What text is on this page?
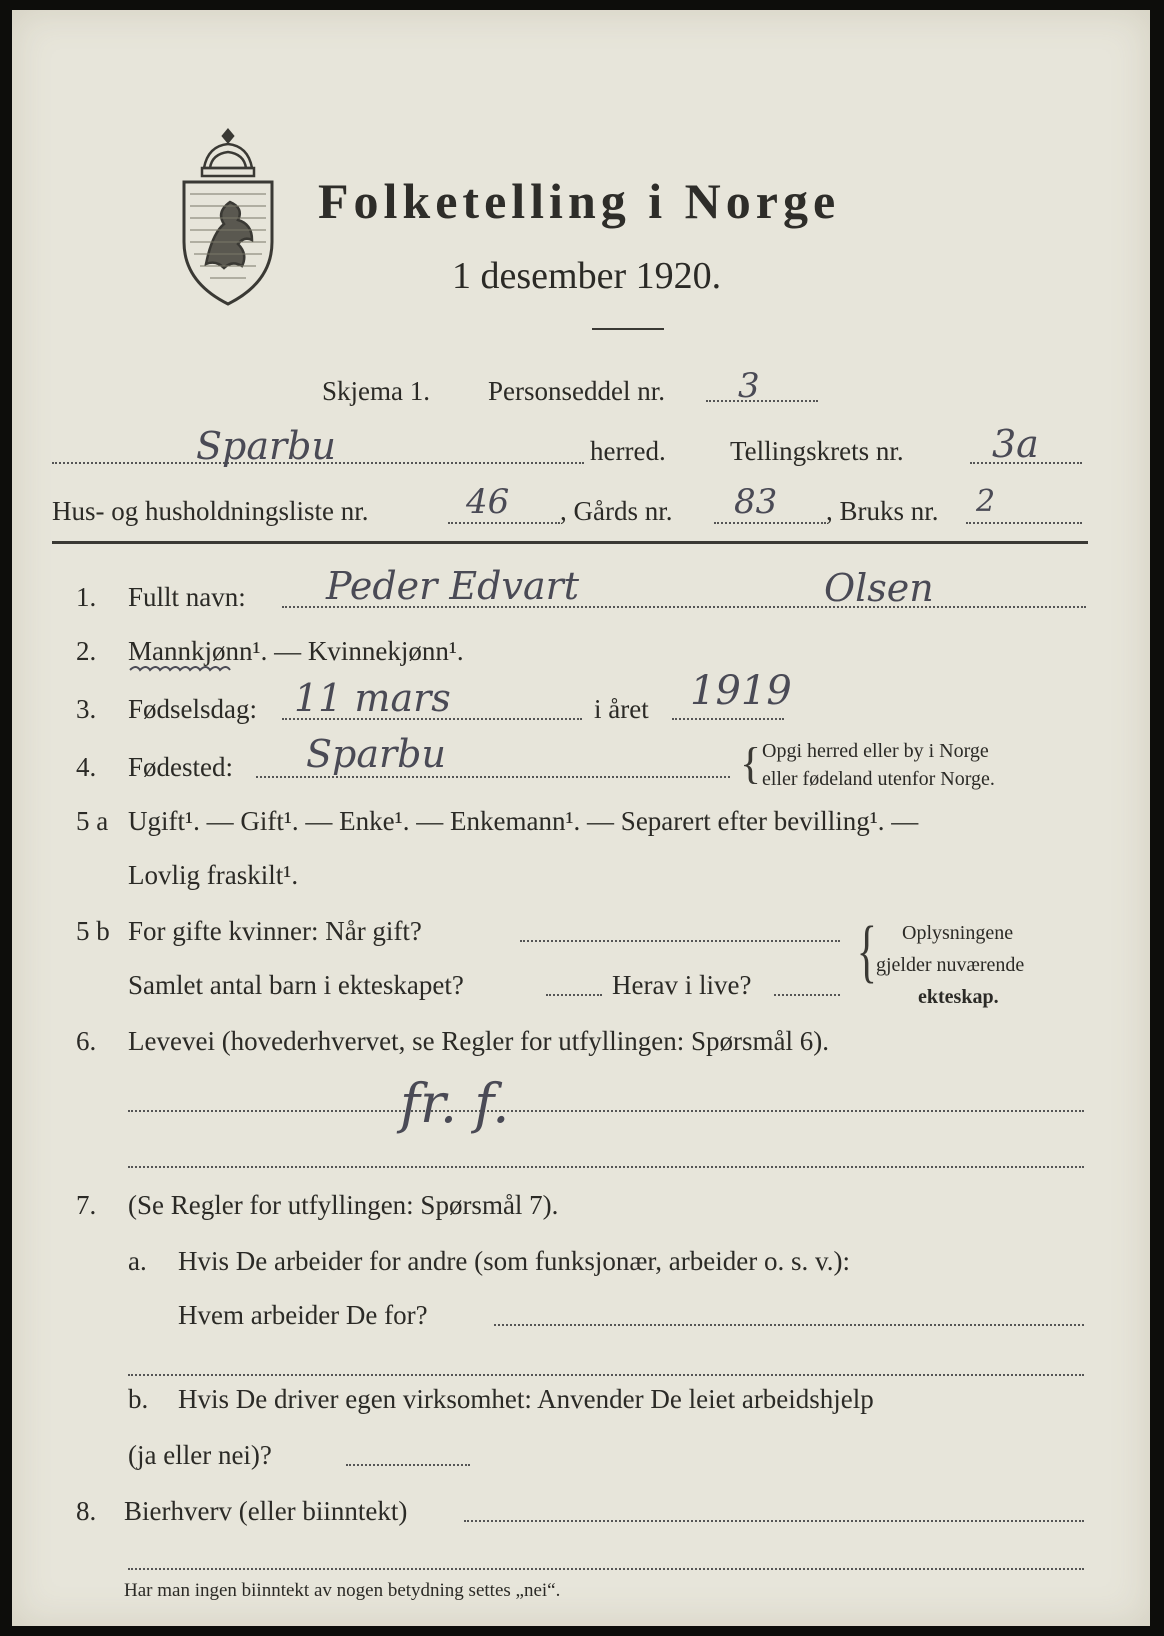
Folketelling i Norge
1 desember 1920.
Skjema 1. Personseddel nr. 3
Sparbu	herred. Tellingskrets nr. 3a
Hus- og husholdningsliste nr.	46 , Gårds nr. 83 , Bruks nr. 2
1. Fullt navn: Peder Edvart	Olsen
2. Mannkjønn¹. — Kvinnekjønn¹.
3. Fødselsdag: 11 mars	i året 1919
4. Fødested: Sparbu	{ Opgi herred eller by i Norge
eller fødeland utenfor Norge.
5 a Ugift¹. — Gift¹. — Enke¹. — Enkemann¹. — Separert efter bevilling¹. —
Lovlig fraskilt¹.
5 b For gifte kvinner: Når gift?
Samlet antal barn i ekteskapet?	Herav i live? { Oplysningene
gjelder nuværende
ekteskap.
6. Levevei (hovederhvervet, se Regler for utfyllingen: Spørsmål 6).
fr. f.
7. (Se Regler for utfyllingen: Spørsmål 7).
a. Hvis De arbeider for andre (som funksjonær, arbeider o. s. v.):
Hvem arbeider De for?
b. Hvis De driver egen virksomhet: Anvender De leiet arbeidshjelp
(ja eller nei)?
8. Bierhverv (eller biinntekt)
Har man ingen biinntekt av nogen betydning settes „nei“.
